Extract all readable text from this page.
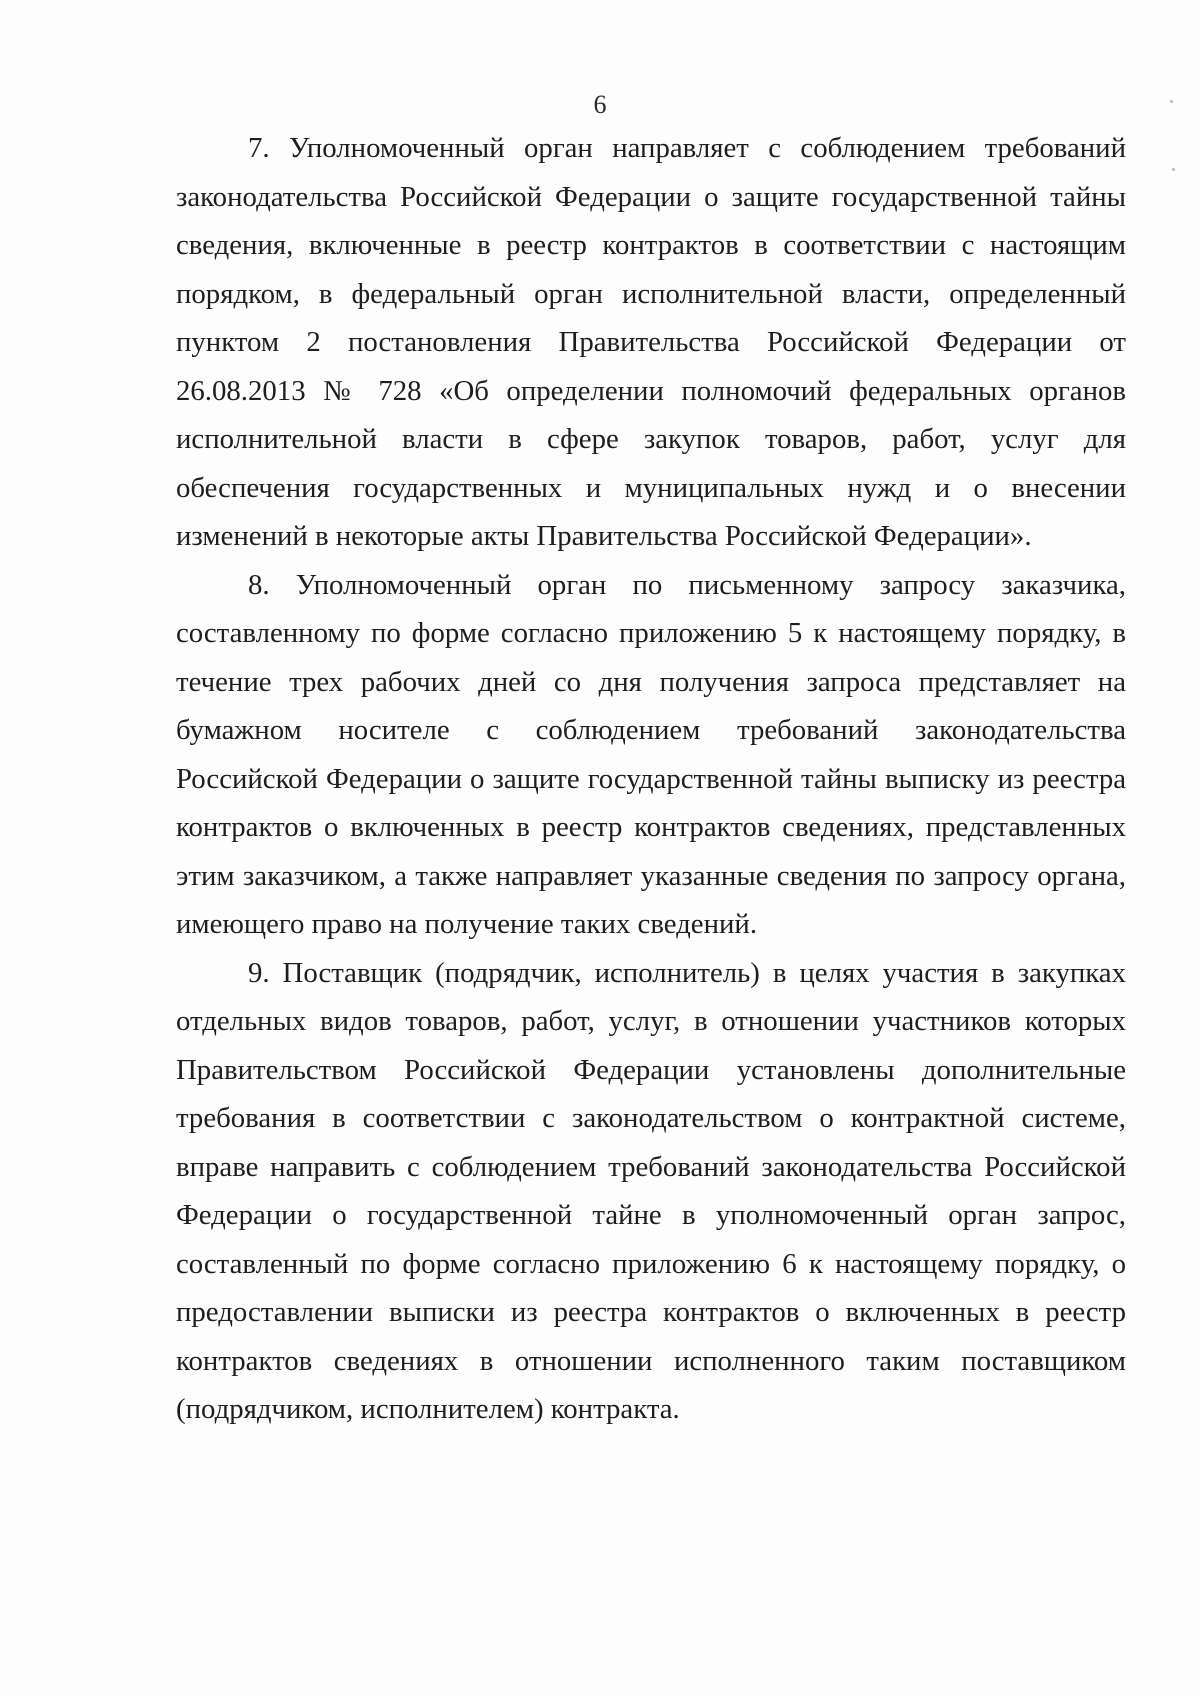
6

7. Уполномоченный орган направляет с соблюдением требований законодательства Российской Федерации о защите государственной тайны сведения, включенные в реестр контрактов в соответствии с настоящим порядком, в федеральный орган исполнительной власти, определенный пунктом 2 постановления Правительства Российской Федерации от 26.08.2013 № 728 «Об определении полномочий федеральных органов исполнительной власти в сфере закупок товаров, работ, услуг для обеспечения государственных и муниципальных нужд и о внесении изменений в некоторые акты Правительства Российской Федерации».

8. Уполномоченный орган по письменному запросу заказчика, составленному по форме согласно приложению 5 к настоящему порядку, в течение трех рабочих дней со дня получения запроса представляет на бумажном носителе с соблюдением требований законодательства Российской Федерации о защите государственной тайны выписку из реестра контрактов о включенных в реестр контрактов сведениях, представленных этим заказчиком, а также направляет указанные сведения по запросу органа, имеющего право на получение таких сведений.

9. Поставщик (подрядчик, исполнитель) в целях участия в закупках отдельных видов товаров, работ, услуг, в отношении участников которых Правительством Российской Федерации установлены дополнительные требования в соответствии с законодательством о контрактной системе, вправе направить с соблюдением требований законодательства Российской Федерации о государственной тайне в уполномоченный орган запрос, составленный по форме согласно приложению 6 к настоящему порядку, о предоставлении выписки из реестра контрактов о включенных в реестр контрактов сведениях в отношении исполненного таким поставщиком (подрядчиком, исполнителем) контракта.
